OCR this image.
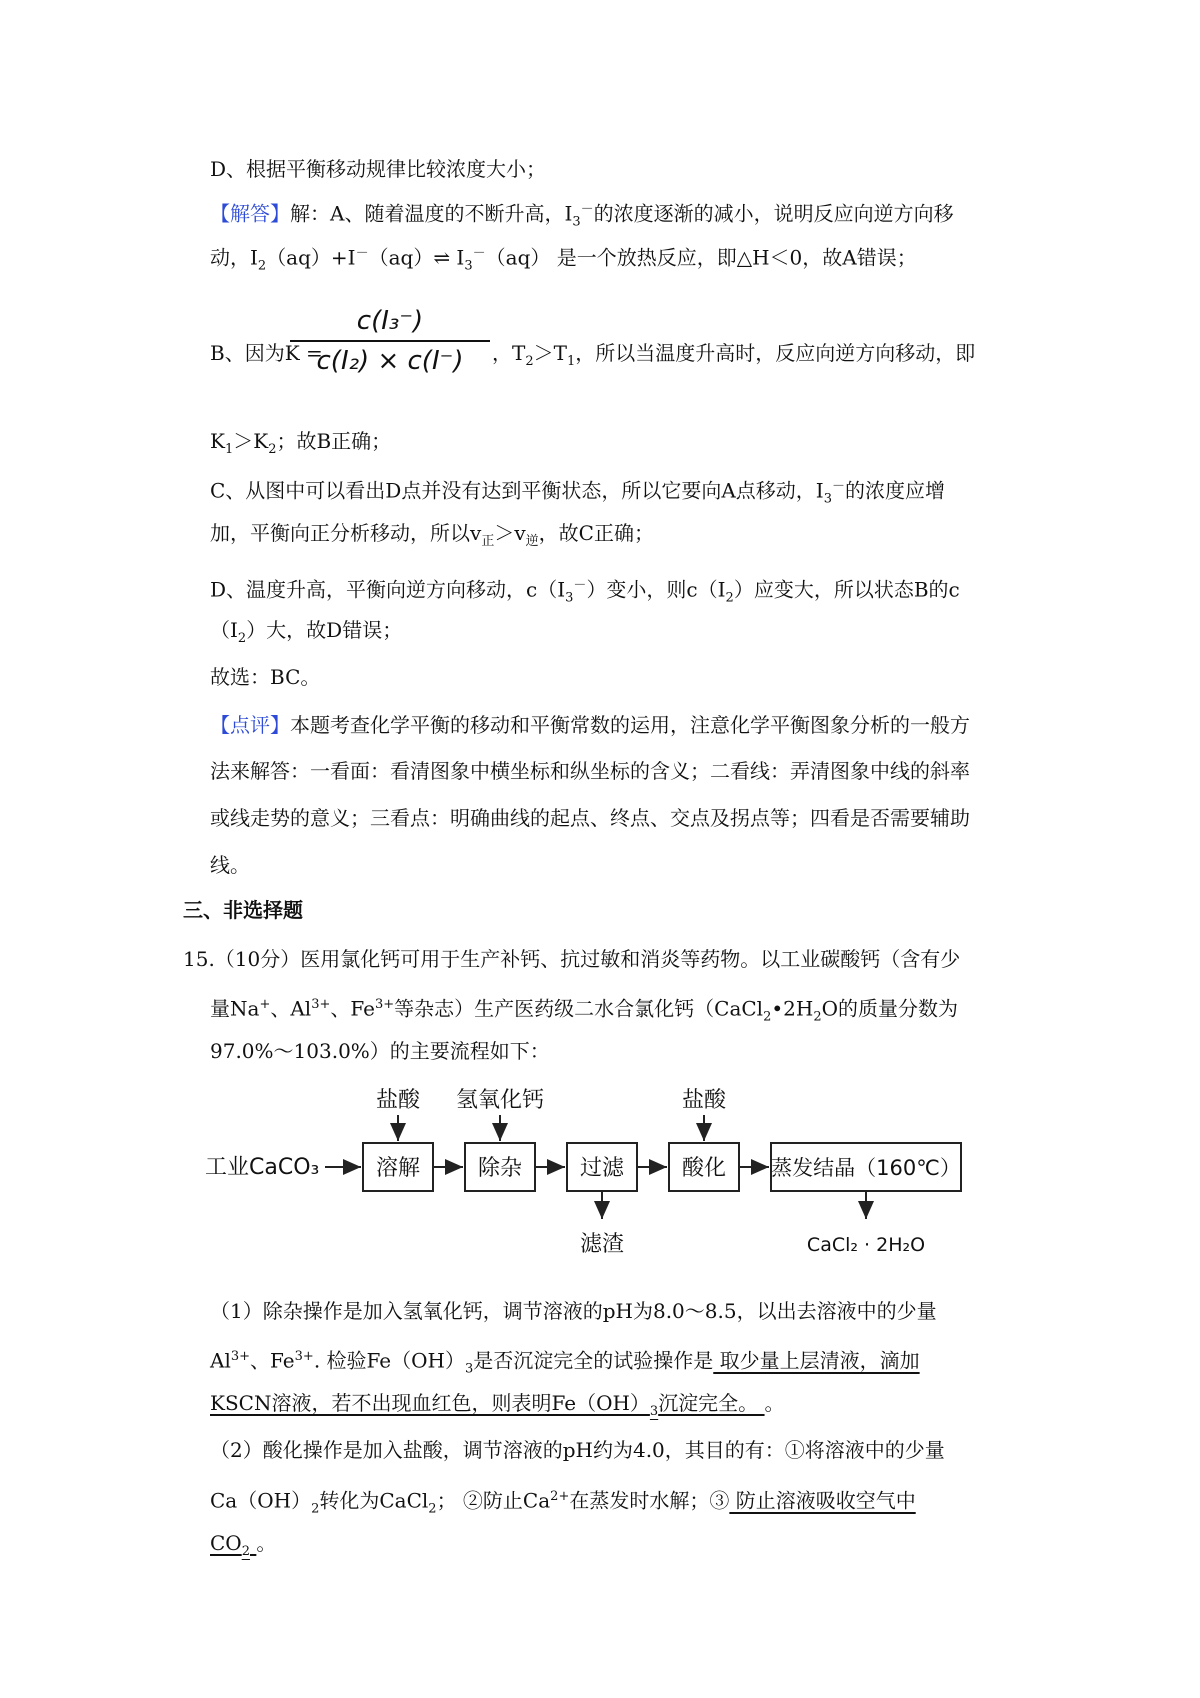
D、根据平衡移动规律比较浓度大小；
【解答】解：A、随着温度的不断升高，$I_3^-$的浓度逐渐的减小，说明反应向逆方向移
动，$I_2(aq)+I^-(aq)\rightleftharpoons$ $I_3^-(aq)$ 是一个放热反应，即△H＜0，故A错误；
B、因为K =
c(I₃⁻)
c(I₂) × c(I⁻)	，$T_2>T_1$，所以当温度升高时，反应向逆方向移动，即
$K_1>K_2$；故B正确；
C、从图中可以看出D点并没有达到平衡状态，所以它要向A点移动，$I_3^-$的浓度应增
加，平衡向正分析移动，所以$v_正>v_逆$，故C正确；
D、温度升高，平衡向逆方向移动，$c(I_3^-)$变小，则$c(I_2)$应变大，所以状态B的c
$(I_2)$大，故D错误；
故选：BC。
【点评】本题考查化学平衡的移动和平衡常数的运用，注意化学平衡图象分析的一般方
法来解答：一看面：看清图象中横坐标和纵坐标的含义；二看线：弄清图象中线的斜率
或线走势的意义；三看点：明确曲线的起点、终点、交点及拐点等；四看是否需要辅助
线。
三、非选择题
15.（10分）医用氯化钙可用于生产补钙、抗过敏和消炎等药物。以工业碳酸钙（含有少
量Na+、$Al^{3+}$、$Fe^{3+}$等杂志）生产医药级二水合氯化钙（$CaCl_2•2H_2O$的质量分数为
97.0%～103.0%）的主要流程如下：
工业CaCO₃	溶解
盐酸
除杂
氢氧化钙
过滤
滤渣
酸化
盐酸
蒸发结晶（160℃）
CaCl₂ · 2H₂O
（1）除杂操作是加入氢氧化钙，调节溶液的pH为8.0～8.5，以出去溶液中的少量
$Al^{3+}$、$Fe^{3+}$. 检验$Fe(OH)_3$是否沉淀完全的试验操作是 取少量上层清液，滴加
KSCN溶液，若不出现血红色，则表明$Fe(OH)_3$沉淀完全。 。
（2）酸化操作是加入盐酸，调节溶液的pH约为4.0，其目的有：①将溶液中的少量
$Ca(OH)_2$转化为CaCl$_2$； ②防止$Ca^{2+}$在蒸发时水解；③ 防止溶液吸收空气中
$CO_2$ 。
